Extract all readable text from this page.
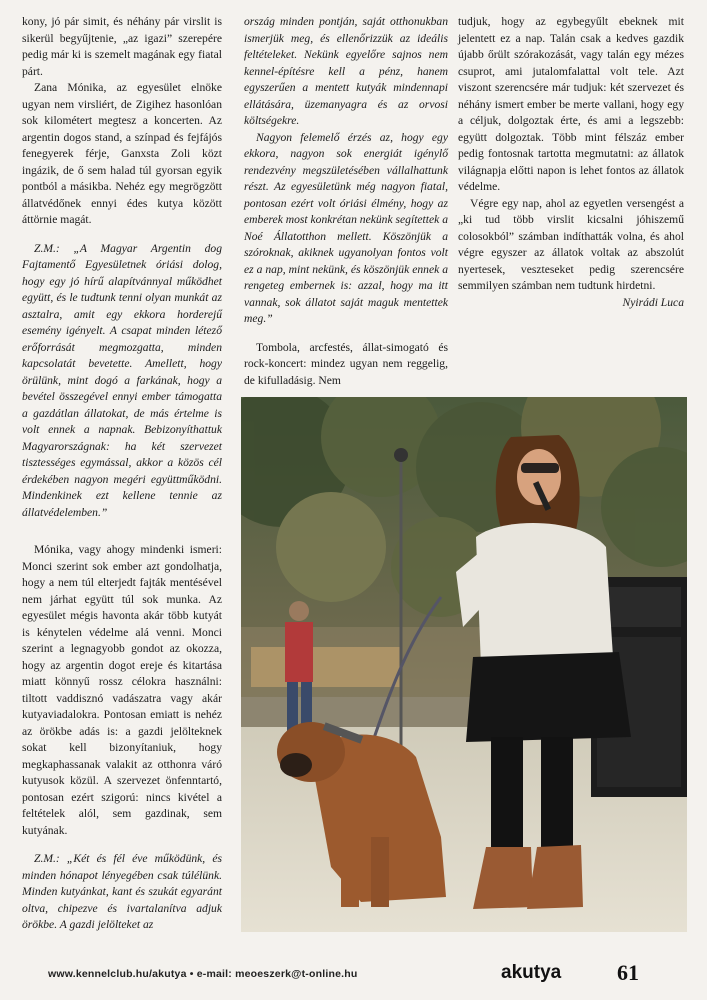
kony, jó pár simit, és néhány pár virslit is sikerül begyűjtenie, „az igazi” szerepére pedig már ki is szemelt magának egy fiatal párt.

Zana Mónika, az egyesület elnöke ugyan nem virsliért, de Zigihez hasonlóan sok kilométert megtesz a koncerten. Az argentin dogos stand, a színpad és fejfájós fenegyerek férje, Ganxsta Zoli közt ingázik, de ő sem halad túl gyorsan egyik pontból a másikba. Nehéz egy megrögzött állatvédőnek ennyi édes kutya között áttörnie magát.

Z.M.: „A Magyar Argentin dog Fajtamentő Egyesületnek óriási dolog, hogy egy jó hírű alapítvánnyal működhet együtt, és le tudtunk tenni olyan munkát az asztalra, amit egy ekkora horderejű esemény igényelt. A csapat minden létező erőforrását megmozgatta, minden kapcsolatát bevetette. Amellett, hogy örülünk, mint dogó a farkának, hogy a bevétel összegével ennyi ember támogatta a gazdátlan állatokat, de más értelme is volt ennek a napnak. Bebizonyíthattuk Magyarországnak: ha két szervezet tisztességes egymással, akkor a közös cél érdekében nagyon megéri együttműködni. Mindenkinek ezt kellene tennie az állatvédelemben.”

Mónika, vagy ahogy mindenki ismeri: Monci szerint sok ember azt gondolhatja, hogy a nem túl elterjedt fajták mentésével nem járhat együtt túl sok munka. Az egyesület mégis havonta akár több kutyát is kénytelen védelme alá venni. Monci szerint a legnagyobb gondot az okozza, hogy az argentin dogot ereje és kitartása miatt könnyű rossz célokra használni: tiltott vaddisznó vadászatra vagy akár kutyaviadalokra. Pontosan emiatt is nehéz az örökbe adás is: a gazdi jelölteknek sokat kell bizonyítaniuk, hogy megkaphassanak valakit az otthonra váró kutyusok közül. A szervezet önfenntartó, pontosan ezért szigorú: nincs kivétel a feltételek alól, sem gazdinak, sem kutyának.

Z.M.: „Két és fél éve működünk, és minden hónapot lényegében csak túlélünk. Minden kutyánkat, kant és szukát egyaránt oltva, chipezve és ivartalanítva adjuk örökbe. A gazdi jelölteket az

ország minden pontján, saját otthonukban ismerjük meg, és ellenőrizzük az ideális feltételeket. Nekünk egyelőre sajnos nem kennel-építésre kell a pénz, hanem egyszerűen a mentett kutyák mindennapi ellátására, üzemanyagra és az orvosi költségekre.

Nagyon felemelő érzés az, hogy egy ekkora, nagyon sok energiát igénylő rendezvény megszületésében vállalhattunk részt. Az egyesületünk még nagyon fiatal, pontosan ezért volt óriási élmény, hogy az emberek most konkrétan nekünk segítettek a Noé Állatotthon mellett. Köszönjük a szóroknak, akiknek ugyanolyan fontos volt ez a nap, mint nekünk, és köszönjük ennek a rengeteg embernek is: azzal, hogy ma itt vannak, sok állatot saját maguk mentettek meg.”

Tombola, arcfestés, állat-simogató és rock-koncert: mindez ugyan nem reggelig, de kifulladásig. Nem

tudjuk, hogy az egybegyűlt ebeknek mit jelentett ez a nap. Talán csak a kedves gazdik újabb őrült szórakozását, vagy talán egy mézes csuprot, ami jutalomfalattal volt tele. Azt viszont szerencsére már tudjuk: két szervezet és néhány ismert ember be merte vallani, hogy egy a céljuk, dolgoztak érte, és ami a legszebb: együtt dolgoztak. Több mint félszáz ember pedig fontosnak tartotta megmutatni: az állatok világnapja előtti napon is lehet fontos az állatok védelme.

Végre egy nap, ahol az egyetlen versengést a „ki tud több virslit kicsalni jóhiszemű colosokból” számban indíthatták volna, és ahol végre egyszer az állatok voltak az abszolút nyertesek, veszteseket pedig szerencsére semmilyen számban nem tudtunk hirdetni.

Nyirádi Luca

www.kennelclub.hu/akutya • e-mail: meoeszerk@t-online.hu	akutya	61
